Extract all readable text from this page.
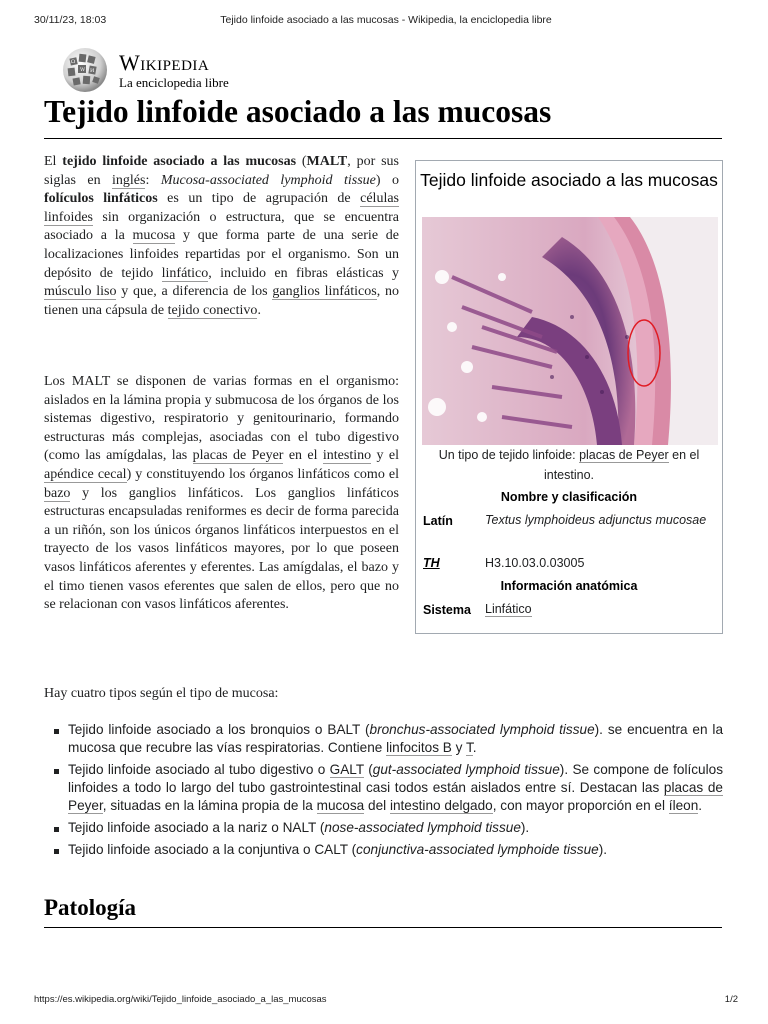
30/11/23, 18:03	Tejido linfoide asociado a las mucosas - Wikipedia, la enciclopedia libre
W
Ω
И Wikipedia
La enciclopedia libre
Tejido linfoide asociado a las mucosas

El tejido linfoide asociado a las mucosas (MALT, por sus siglas en inglés: Mucosa-associated lymphoid tissue) o folículos linfáticos es un tipo de agrupación de células linfoides sin organización o estructura, que se encuentra asociado a la mucosa y que forma parte de una serie de localizaciones linfoides repartidas por el organismo. Son un depósito de tejido linfático, incluido en fibras elásticas y músculo liso y que, a diferencia de los ganglios linfáticos, no tienen una cápsula de tejido conectivo.

Los MALT se disponen de varias formas en el organismo: aislados en la lámina propia y submucosa de los órganos de los sistemas digestivo, respiratorio y genitourinario, formando estructuras más complejas, asociadas con el tubo digestivo (como las amígdalas, las placas de Peyer en el intestino y el apéndice cecal) y constituyendo los órganos linfáticos como el bazo y los ganglios linfáticos. Los ganglios linfáticos estructuras encapsuladas reniformes es decir de forma parecida a un riñón, son los únicos órganos linfáticos interpuestos en el trayecto de los vasos linfáticos mayores, por lo que poseen vasos linfáticos aferentes y eferentes. Las amígdalas, el bazo y el timo tienen vasos eferentes que salen de ellos, pero que no se relacionan con vasos linfáticos aferentes.

Hay cuatro tipos según el tipo de mucosa:

Tejido linfoide asociado a las mucosas
Un tipo de tejido linfoide: placas de Peyer en el intestino.
Nombre y clasificación
Latín	Textus lymphoideus adjunctus mucosae
TH	H3.10.03.0.03005
Información anatómica
Sistema Linfático
Tejido linfoide asociado a los bronquios o BALT (bronchus-associated lymphoid tissue). se encuentra en la mucosa que recubre las vías respiratorias. Contiene linfocitos B y T.
Tejido linfoide asociado al tubo digestivo o GALT (gut-associated lymphoid tissue). Se compone de folículos linfoides a todo lo largo del tubo gastrointestinal casi todos están aislados entre sí. Destacan las placas de Peyer, situadas en la lámina propia de la mucosa del intestino delgado, con mayor proporción en el íleon.
Tejido linfoide asociado a la nariz o NALT (nose-associated lymphoid tissue).
Tejido linfoide asociado a la conjuntiva o CALT (conjunctiva-associated lymphoide tissue).
Patología
https://es.wikipedia.org/wiki/Tejido_linfoide_asociado_a_las_mucosas	1/2
